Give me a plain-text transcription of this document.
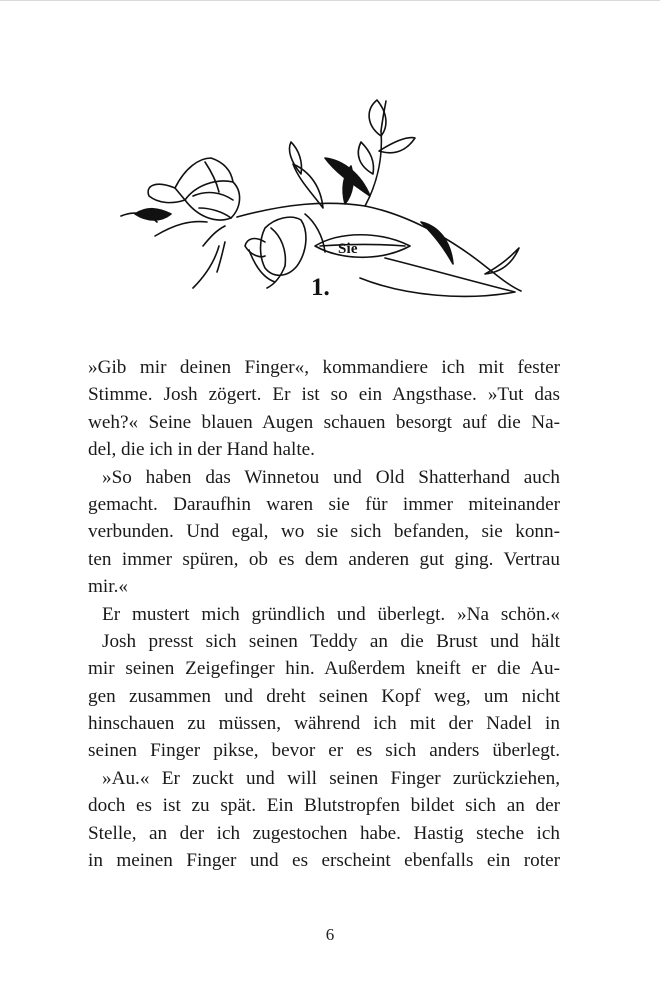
Sie
1.
»Gib mir deinen Finger«, kommandiere ich mit fester
Stimme. Josh zögert. Er ist so ein Angsthase. »Tut das
weh?« Seine blauen Augen schauen besorgt auf die Na-
del, die ich in der Hand halte.
»So haben das Winnetou und Old Shatterhand auch
gemacht. Daraufhin waren sie für immer miteinander
verbunden. Und egal, wo sie sich befanden, sie konn-
ten immer spüren, ob es dem anderen gut ging. Vertrau
mir.«
Er mustert mich gründlich und überlegt. »Na schön.«
Josh presst sich seinen Teddy an die Brust und hält
mir seinen Zeigefinger hin. Außerdem kneift er die Au-
gen zusammen und dreht seinen Kopf weg, um nicht
hinschauen zu müssen, während ich mit der Nadel in
seinen Finger pikse, bevor er es sich anders überlegt.
»Au.« Er zuckt und will seinen Finger zurückziehen,
doch es ist zu spät. Ein Blutstropfen bildet sich an der
Stelle, an der ich zugestochen habe. Hastig steche ich
in meinen Finger und es erscheint ebenfalls ein roter
6
